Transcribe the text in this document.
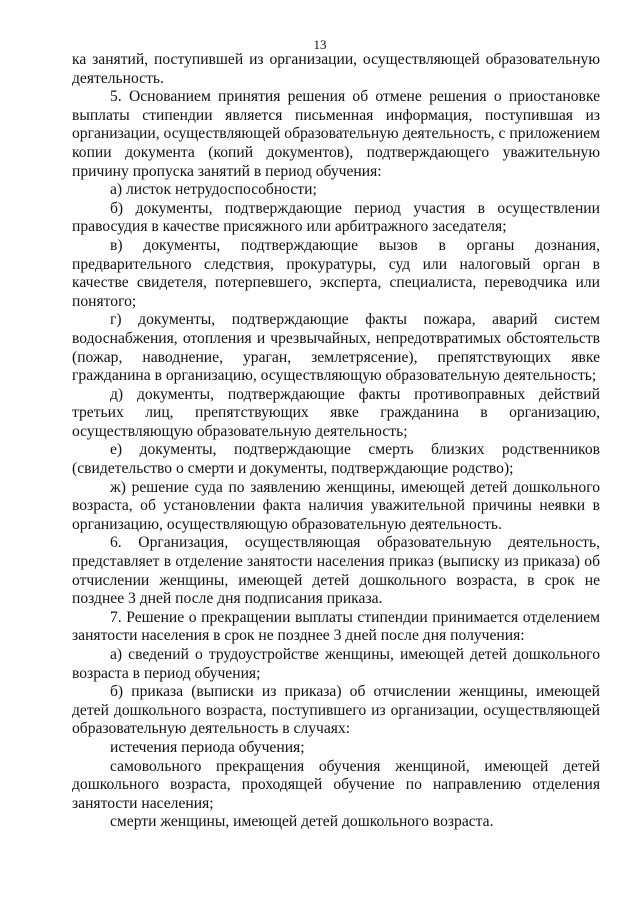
13

ка занятий, поступившей из организации, осуществляющей образовательную деятельность.

5. Основанием принятия решения об отмене решения о приостановке выплаты стипендии является письменная информация, поступившая из организации, осуществляющей образовательную деятельность, с приложением копии документа (копий документов), подтверждающего уважительную причину пропуска занятий в период обучения:

а) листок нетрудоспособности;

б) документы, подтверждающие период участия в осуществлении правосудия в качестве присяжного или арбитражного заседателя;

в) документы, подтверждающие вызов в органы дознания, предварительного следствия, прокуратуры, суд или налоговый орган в качестве свидетеля, потерпевшего, эксперта, специалиста, переводчика или понятого;

г) документы, подтверждающие факты пожара, аварий систем водоснабжения, отопления и чрезвычайных, непредотвратимых обстоятельств (пожар, наводнение, ураган, землетрясение), препятствующих явке гражданина в организацию, осуществляющую образовательную деятельность;

д) документы, подтверждающие факты противоправных действий третьих лиц, препятствующих явке гражданина в организацию, осуществляющую образовательную деятельность;

е) документы, подтверждающие смерть близких родственников (свидетельство о смерти и документы, подтверждающие родство);

ж) решение суда по заявлению женщины, имеющей детей дошкольного возраста, об установлении факта наличия уважительной причины неявки в организацию, осуществляющую образовательную деятельность.

6. Организация, осуществляющая образовательную деятельность, представляет в отделение занятости населения приказ (выписку из приказа) об отчислении женщины, имеющей детей дошкольного возраста, в срок не позднее 3 дней после дня подписания приказа.

7. Решение о прекращении выплаты стипендии принимается отделением занятости населения в срок не позднее 3 дней после дня получения:

а) сведений о трудоустройстве женщины, имеющей детей дошкольного возраста в период обучения;

б) приказа (выписки из приказа) об отчислении женщины, имеющей детей дошкольного возраста, поступившего из организации, осуществляющей образовательную деятельность в случаях:

истечения периода обучения;

самовольного прекращения обучения женщиной, имеющей детей дошкольного возраста, проходящей обучение по направлению отделения занятости населения;

смерти женщины, имеющей детей дошкольного возраста.
